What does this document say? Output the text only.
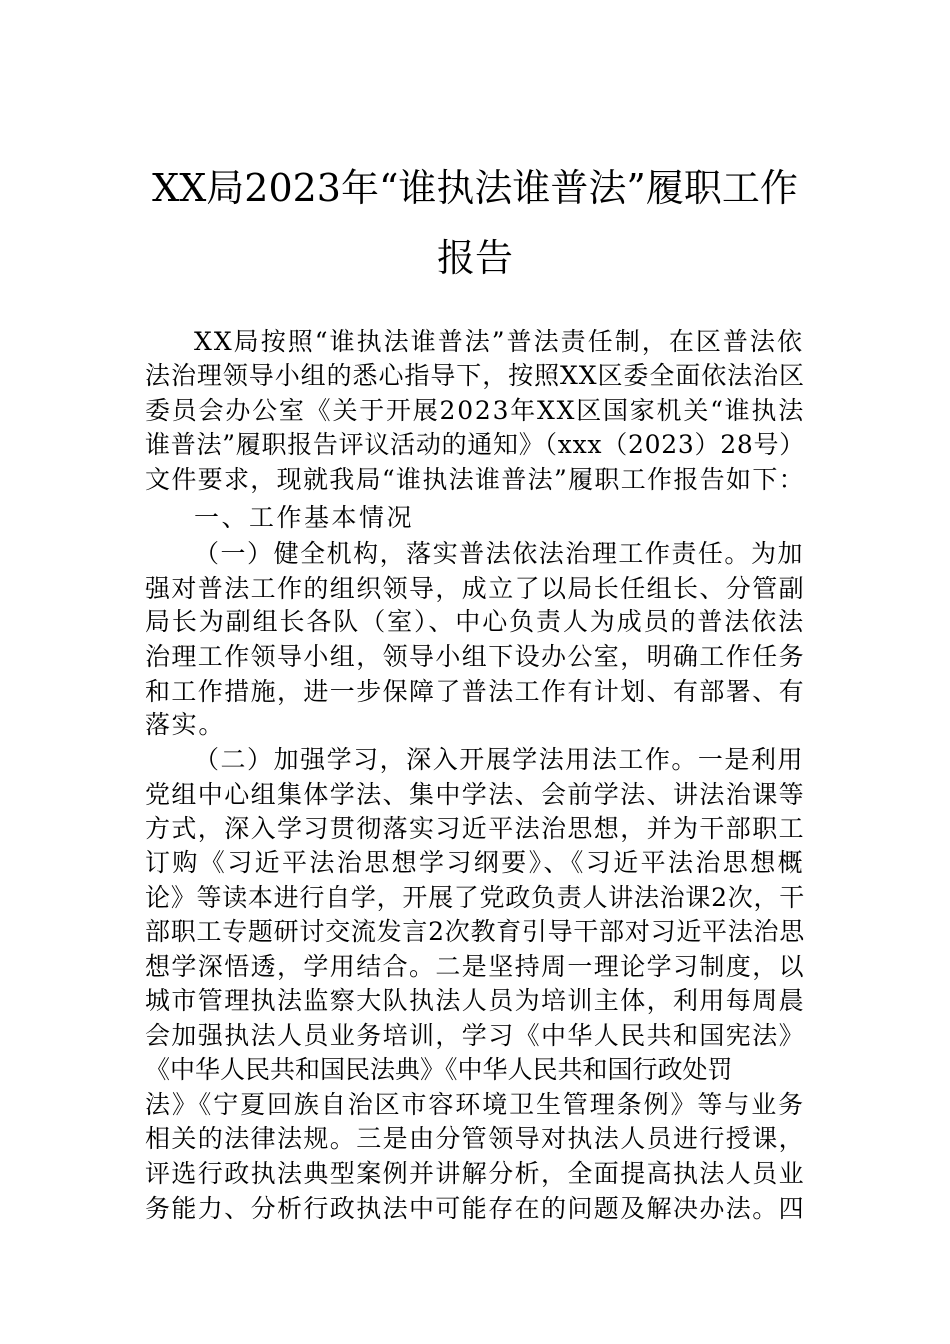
XX局2023年“谁执法谁普法”履职工作
报告
XX局按照“谁执法谁普法”普法责任制，在区普法依
法治理领导小组的悉心指导下，按照XX区委全面依法治区
委员会办公室《关于开展2023年XX区国家机关“谁执法
谁普法”履职报告评议活动的通知》（xxx（2023）28号）
文件要求，现就我局“谁执法谁普法”履职工作报告如下：
一、工作基本情况
（一）健全机构，落实普法依法治理工作责任。为加
强对普法工作的组织领导，成立了以局长任组长、分管副
局长为副组长各队（室）、中心负责人为成员的普法依法
治理工作领导小组，领导小组下设办公室，明确工作任务
和工作措施，进一步保障了普法工作有计划、有部署、有
落实。
（二）加强学习，深入开展学法用法工作。一是利用
党组中心组集体学法、集中学法、会前学法、讲法治课等
方式，深入学习贯彻落实习近平法治思想，并为干部职工
订购《习近平法治思想学习纲要》、《习近平法治思想概
论》等读本进行自学，开展了党政负责人讲法治课2次，干
部职工专题研讨交流发言2次教育引导干部对习近平法治思
想学深悟透，学用结合。二是坚持周一理论学习制度，以
城市管理执法监察大队执法人员为培训主体，利用每周晨
会加强执法人员业务培训，学习《中华人民共和国宪法》
《中华人民共和国民法典》《中华人民共和国行政处罚
法》《宁夏回族自治区市容环境卫生管理条例》等与业务
相关的法律法规。三是由分管领导对执法人员进行授课，
评选行政执法典型案例并讲解分析，全面提高执法人员业
务能力、分析行政执法中可能存在的问题及解决办法。四
